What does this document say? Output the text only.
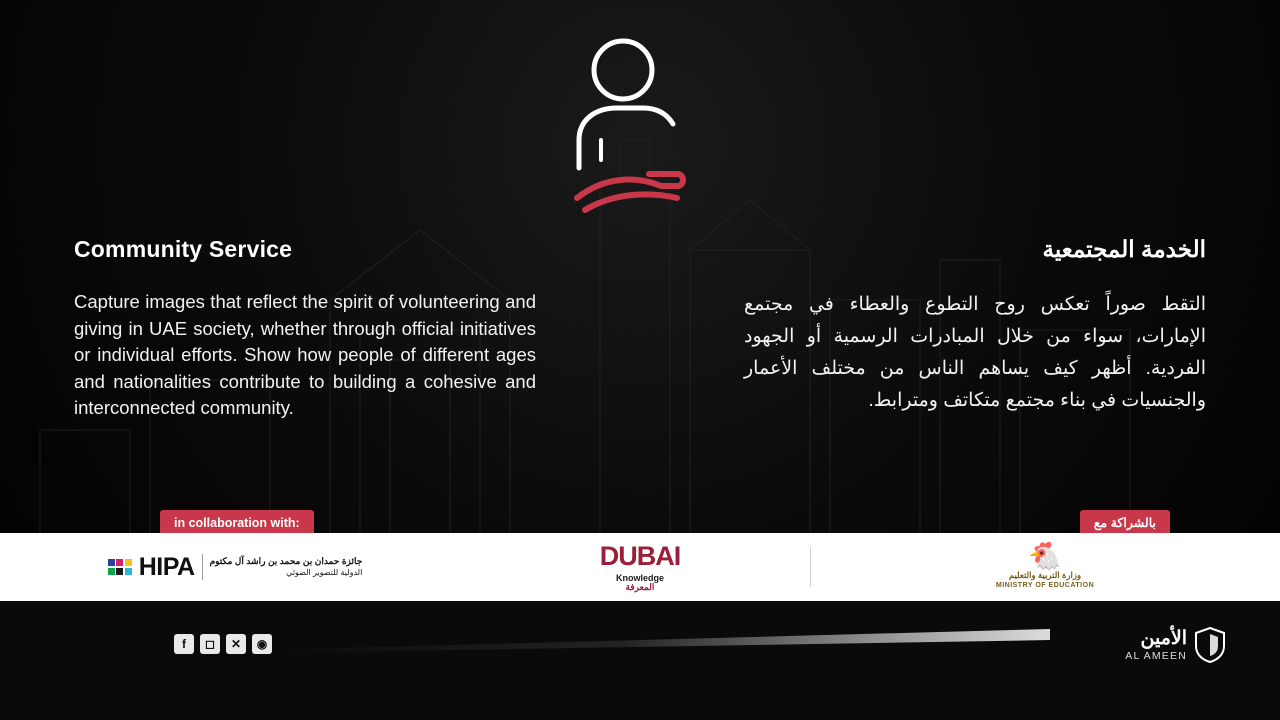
Community Service

Capture images that reflect the spirit of volunteering and giving in UAE society, whether through official initiatives or individual efforts. Show how people of different ages and nationalities contribute to building a cohesive and interconnected community.

الخدمة المجتمعية

التقط صوراً تعكس روح التطوع والعطاء في مجتمع الإمارات، سواء من خلال المبادرات الرسمية أو الجهود الفردية. أظهر كيف يساهم الناس من مختلف الأعمار والجنسيات في بناء مجتمع متكاتف ومترابط.

in collaboration with:	بالشراكة مع
HIPA جائزة حمدان بن محمد بن راشد آل مكتوم
الدولية للتصوير الضوئي
DUBAI
Knowledge
المعرفة
🐔
وزارة التربية والتعليم
MINISTRY OF EDUCATION
f	◻	✕	◉	الأمين
AL AMEEN
